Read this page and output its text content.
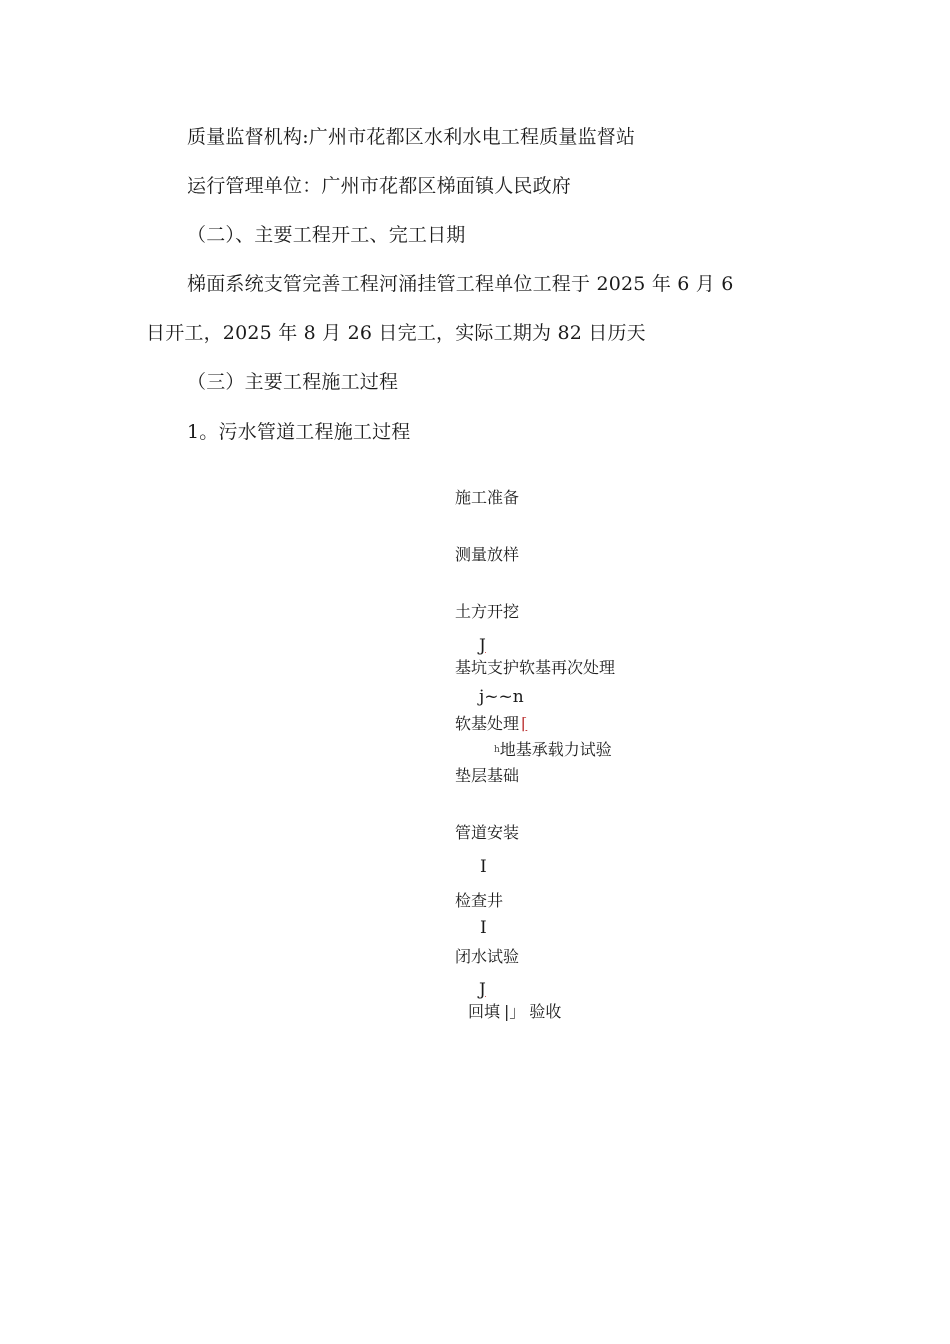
质量监督机构:广州市花都区水利水电工程质量监督站
运行管理单位：广州市花都区梯面镇人民政府
（二）、主要工程开工、完工日期
梯面系统支管完善工程河涌挂管工程单位工程于 2025 年 6 月 6
日开工，2025 年 8 月 26 日完工，实际工期为 82 日历天
（三）主要工程施工过程
1。污水管道工程施工过程
施工准备
测量放样
土方开挖
J
基坑支护软基再次处理
j~~n
软基处理 ⌈
$^h$地基承载力试验
垫层基础
管道安装
I
检查井
I
闭水试验
J
回填 |」 验收
